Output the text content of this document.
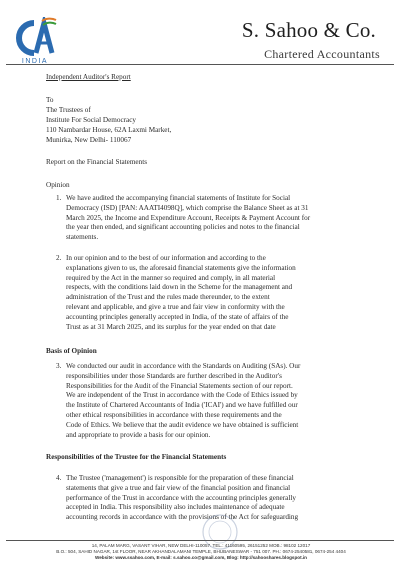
INDIA
S. Sahoo & Co.
Chartered Accountants
Independent Auditor's Report
To
The Trustees of
Institute For Social Democracy
110 Nambardar House, 62A Laxmi Market,
Munirka, New Delhi- 110067
Report on the Financial Statements
Opinion
1. We have audited the accompanying financial statements of Institute for Social
Democracy (ISD) [PAN: AAATI4098Q], which comprise the Balance Sheet as at 31
March 2025, the Income and Expenditure Account, Receipts & Payment Account for
the year then ended, and significant accounting policies and notes to the financial
statements.
2. In our opinion and to the best of our information and according to the
explanations given to us, the aforesaid financial statements give the information
required by the Act in the manner so required and comply, in all material
respects, with the conditions laid down in the Scheme for the management and
administration of the Trust and the rules made thereunder, to the extent
relevant and applicable, and give a true and fair view in conformity with the
accounting principles generally accepted in India, of the state of affairs of the
Trust as at 31 March 2025, and its surplus for the year ended on that date
Basis of Opinion
3. We conducted our audit in accordance with the Standards on Auditing (SAs). Our
responsibilities under those Standards are further described in the Auditor's
Responsibilities for the Audit of the Financial Statements section of our report.
We are independent of the Trust in accordance with the Code of Ethics issued by
the Institute of Chartered Accountants of India ('ICAI') and we have fulfilled our
other ethical responsibilities in accordance with these requirements and the
Code of Ethics. We believe that the audit evidence we have obtained is sufficient
and appropriate to provide a basis for our opinion.
Responsibilities of the Trustee for the Financial Statements
4. The Trustee ('management') is responsible for the preparation of these financial
statements that give a true and fair view of the financial position and financial
performance of the Trust in accordance with the accounting principles generally
accepted in India. This responsibility also includes maintenance of adequate
accounting records in accordance with the provisions of the Act for safeguarding
14, PALAM MARG, VASANT VIHAR, NEW DELHI-110057. TEL.: 41160595, 26151252 MOB.: 98102 12017
B.O.: 504, SAHID NAGAR, 1st FLOOR, NEAR AKHANDALAMANI TEMPLE, BHUBANESWAR - 751 007. PH.: 0674-2540581, 0674-254 4404
Website: www.ssahoo.com, E-mail: s.sahoo.co@gmail.com, Blog: http://sahooshares.blogspot.in
